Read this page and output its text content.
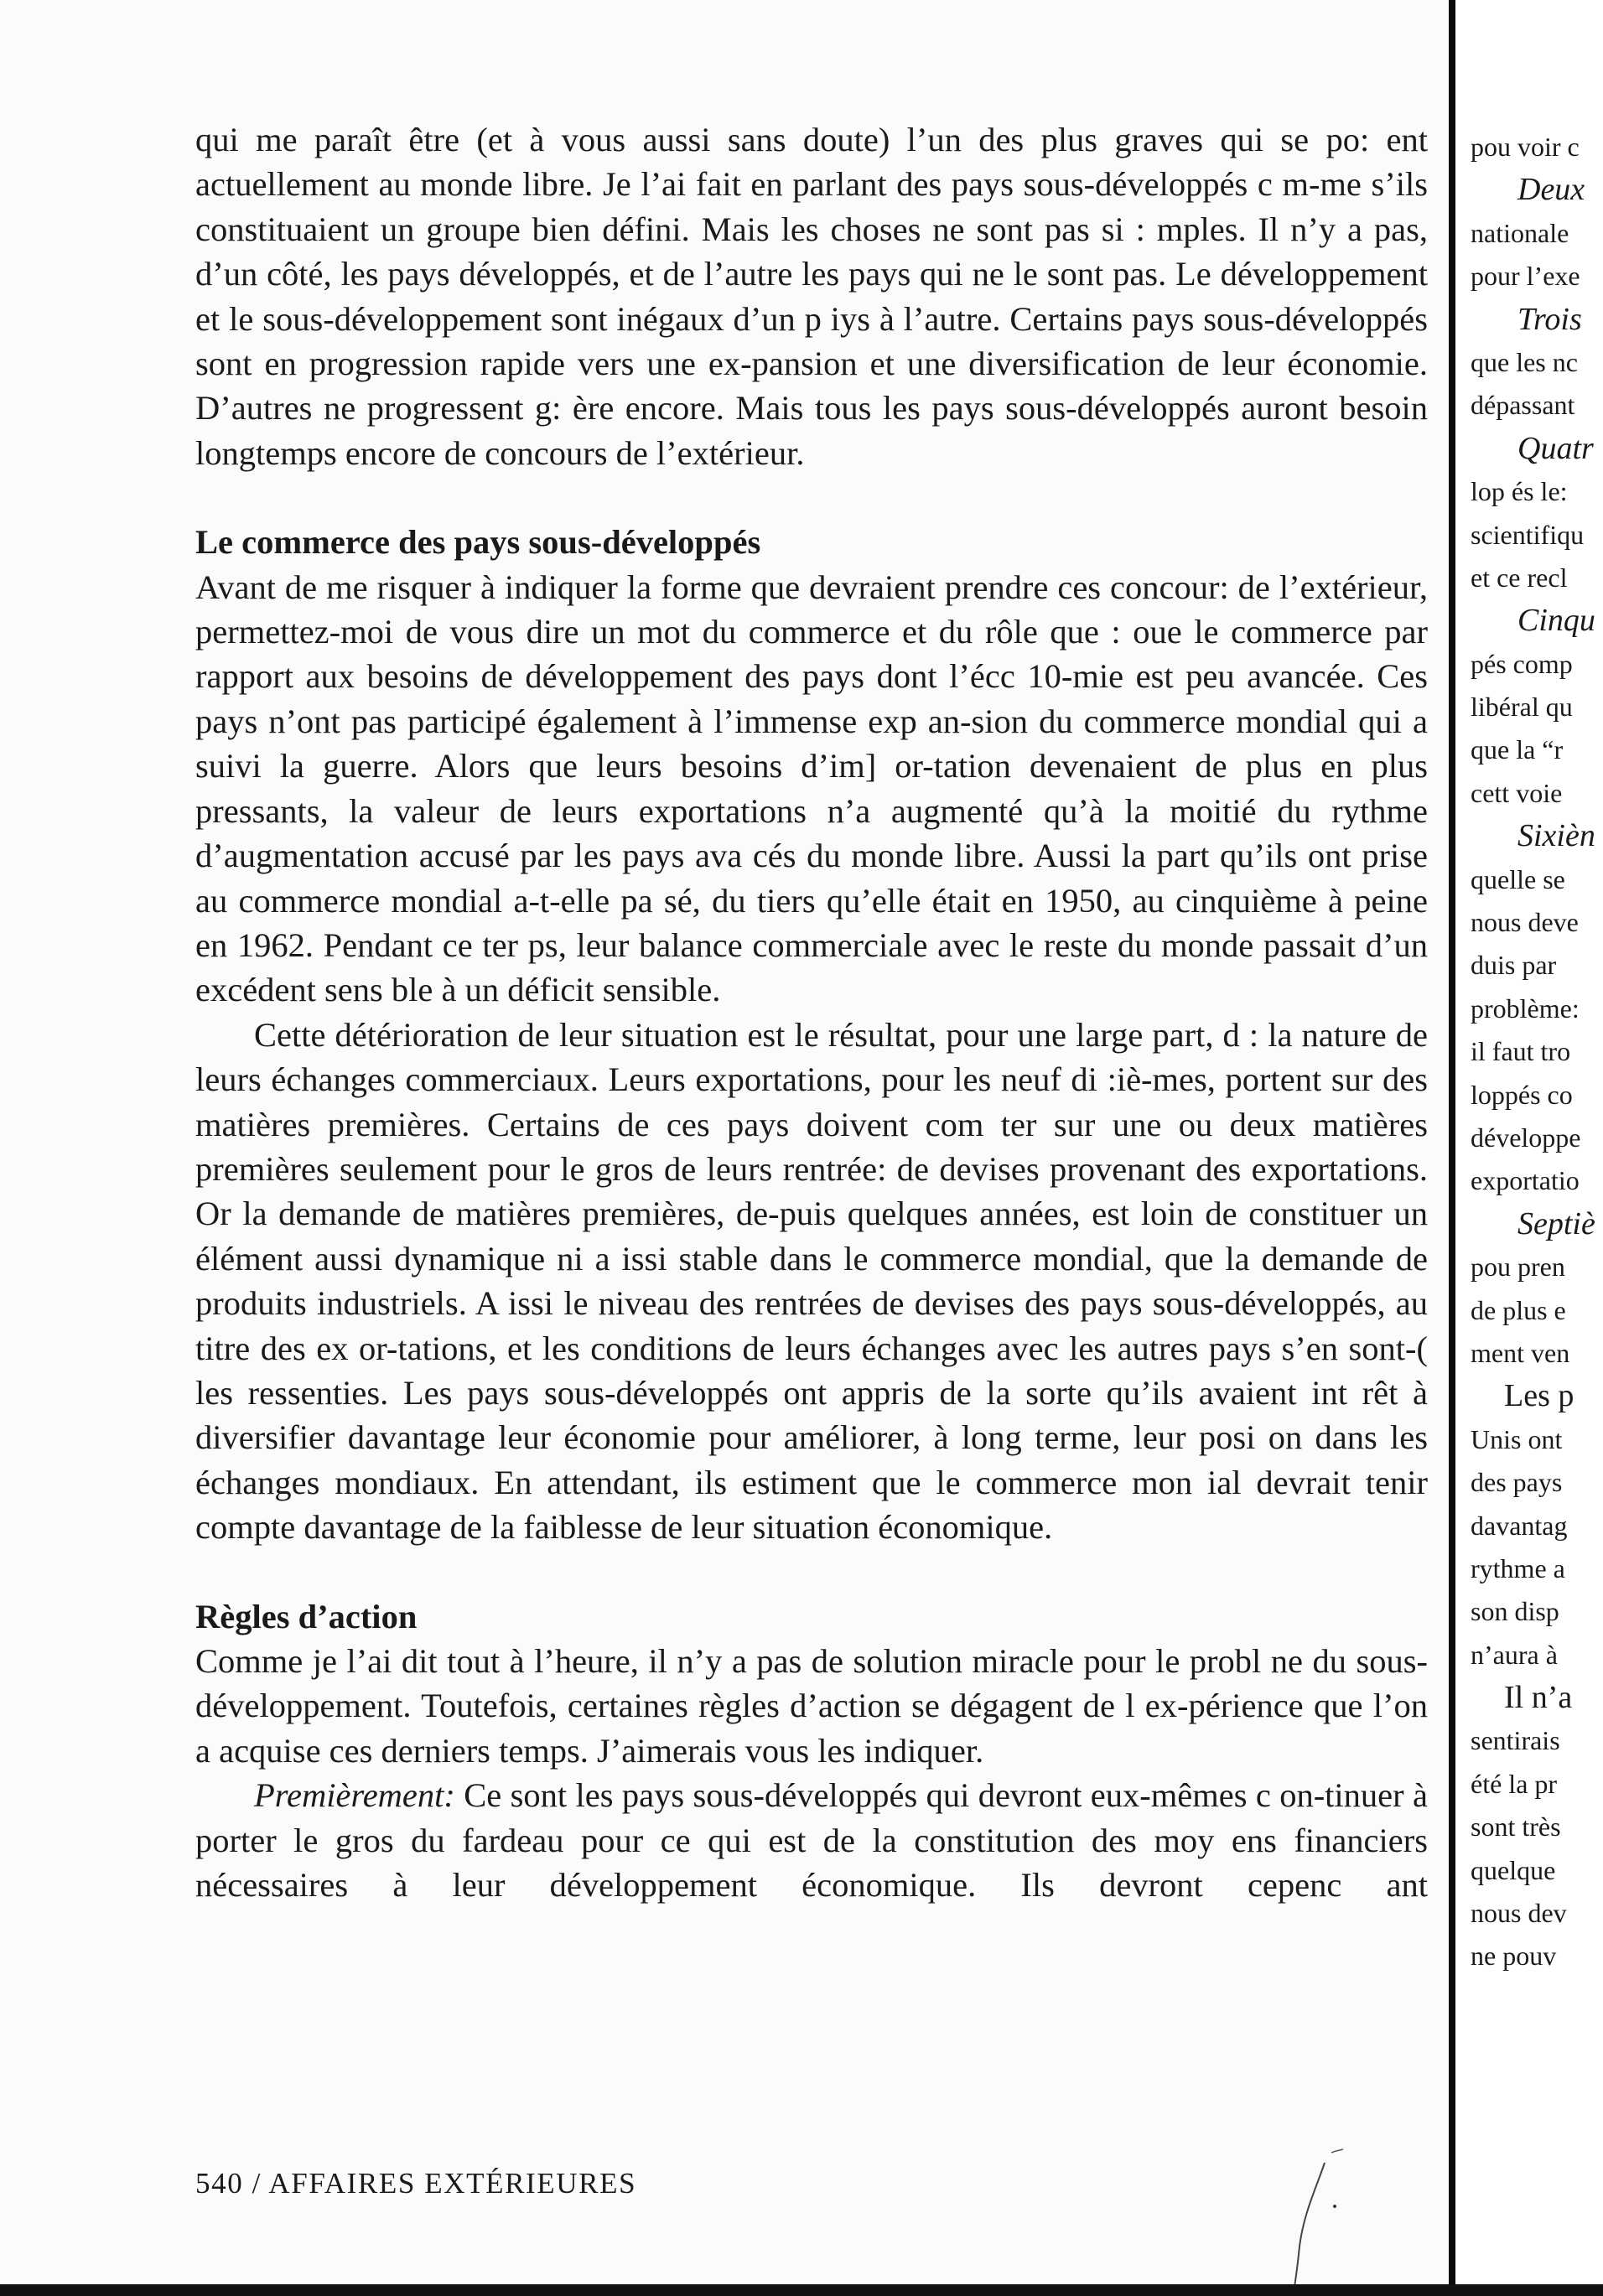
qui me paraît être (et à vous aussi sans doute) l’un des plus graves qui se po: ent actuellement au monde libre. Je l’ai fait en parlant des pays sous-développés c m-me s’ils constituaient un groupe bien défini. Mais les choses ne sont pas si : mples. Il n’y a pas, d’un côté, les pays développés, et de l’autre les pays qui ne le sont pas. Le développement et le sous-développement sont inégaux d’un p iys à l’autre. Certains pays sous-développés sont en progression rapide vers une ex-pansion et une diversification de leur économie. D’autres ne progressent g: ère encore. Mais tous les pays sous-développés auront besoin longtemps encore de concours de l’extérieur.

Le commerce des pays sous-développés

Avant de me risquer à indiquer la forme que devraient prendre ces concour: de l’extérieur, permettez-moi de vous dire un mot du commerce et du rôle que : oue le commerce par rapport aux besoins de développement des pays dont l’écc 10-mie est peu avancée. Ces pays n’ont pas participé également à l’immense exp an-sion du commerce mondial qui a suivi la guerre. Alors que leurs besoins d’im] or-tation devenaient de plus en plus pressants, la valeur de leurs exportations n’a augmenté qu’à la moitié du rythme d’augmentation accusé par les pays ava cés du monde libre. Aussi la part qu’ils ont prise au commerce mondial a-t-elle pa sé, du tiers qu’elle était en 1950, au cinquième à peine en 1962. Pendant ce ter ps, leur balance commerciale avec le reste du monde passait d’un excédent sens ble à un déficit sensible.

Cette détérioration de leur situation est le résultat, pour une large part, d : la nature de leurs échanges commerciaux. Leurs exportations, pour les neuf di :iè-mes, portent sur des matières premières. Certains de ces pays doivent com ter sur une ou deux matières premières seulement pour le gros de leurs rentrée: de devises provenant des exportations. Or la demande de matières premières, de-puis quelques années, est loin de constituer un élément aussi dynamique ni a issi stable dans le commerce mondial, que la demande de produits industriels. A issi le niveau des rentrées de devises des pays sous-développés, au titre des ex or-tations, et les conditions de leurs échanges avec les autres pays s’en sont-( les ressenties. Les pays sous-développés ont appris de la sorte qu’ils avaient int rêt à diversifier davantage leur économie pour améliorer, à long terme, leur posi on dans les échanges mondiaux. En attendant, ils estiment que le commerce mon ial devrait tenir compte davantage de la faiblesse de leur situation économique.

Règles d’action

Comme je l’ai dit tout à l’heure, il n’y a pas de solution miracle pour le probl ne du sous-développement. Toutefois, certaines règles d’action se dégagent de l ex-périence que l’on a acquise ces derniers temps. J’aimerais vous les indiquer.

Premièrement: Ce sont les pays sous-développés qui devront eux-mêmes c on-tinuer à porter le gros du fardeau pour ce qui est de la constitution des moy ens financiers nécessaires à leur développement économique. Ils devront cepenc ant

540 / AFFAIRES EXTÉRIEURES
pou voir c
Deux
nationale
pour l’exe
Trois
que les nc
dépassant
Quatr
lop és le:
scientifiqu
et ce recl
Cinqu
pés comp
libéral qu
que la “r
cett voie
Sixièn
quelle se
nous deve
duis par
problème:
il faut tro
loppés co
développe
exportatio
Septiè
pou pren
de plus e
ment ven
Les p
Unis ont
des pays
davantag
rythme a
son disp
n’aura à
Il n’a
sentirais
été la pr
sont très
quelque
nous dev
ne pouv
